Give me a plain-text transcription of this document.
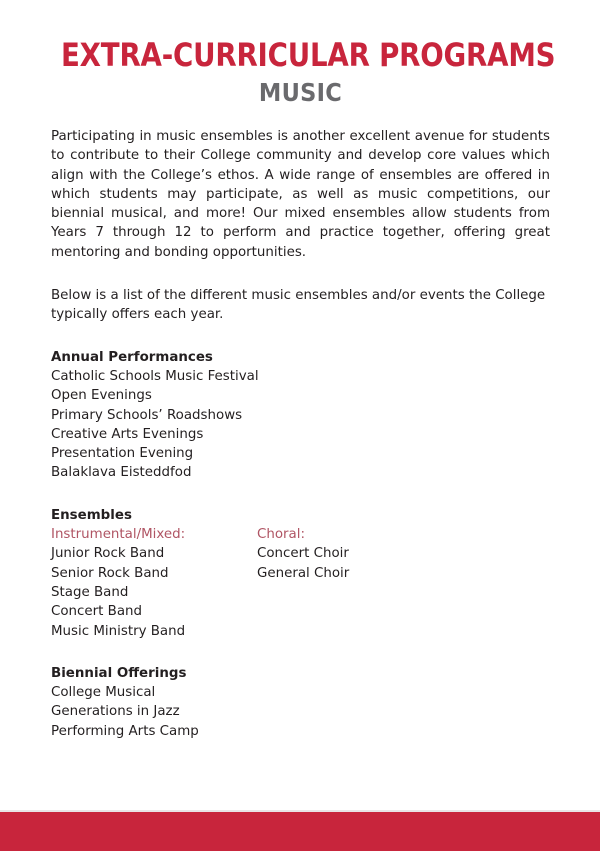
EXTRA-CURRICULAR PROGRAMS
MUSIC

Participating in music ensembles is another excellent avenue for students to contribute to their College community and develop core values which align with the College’s ethos. A wide range of ensembles are offered in which students may participate, as well as music competitions, our biennial musical, and more! Our mixed ensembles allow students from Years 7 through 12 to perform and practice together, offering great mentoring and bonding opportunities.

Below is a list of the different music ensembles and/or events the College typically offers each year.

Annual Performances
Catholic Schools Music Festival
Open Evenings
Primary Schools’ Roadshows
Creative Arts Evenings
Presentation Evening
Balaklava Eisteddfod
Ensembles
Instrumental/Mixed:
Junior Rock Band
Senior Rock Band
Stage Band
Concert Band
Music Ministry Band
Choral:
Concert Choir
General Choir
Biennial Offerings
College Musical
Generations in Jazz
Performing Arts Camp
